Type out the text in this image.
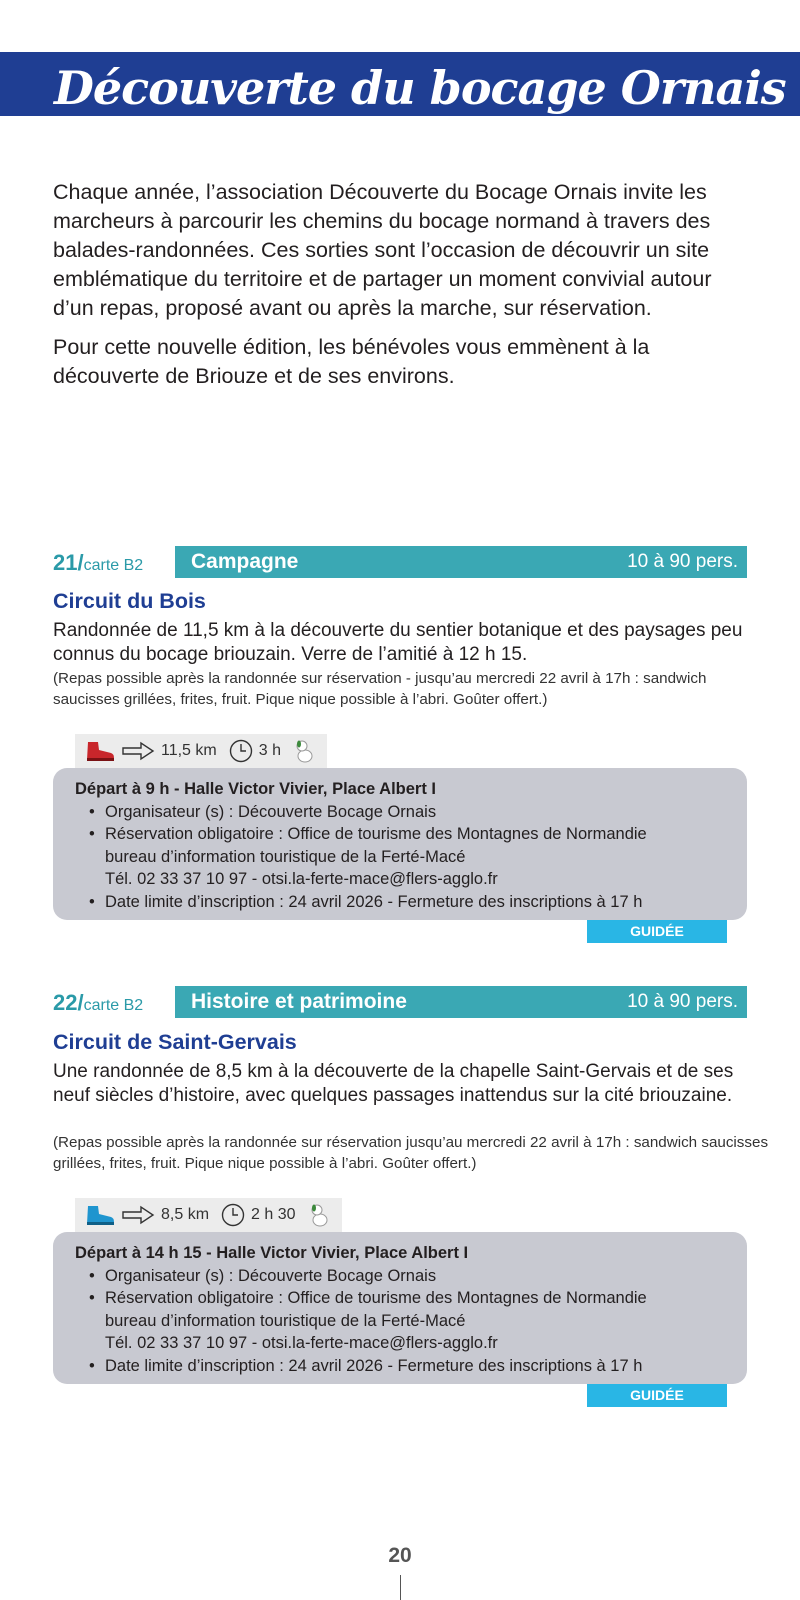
Découverte du bocage Ornais

Chaque année, l’association Découverte du Bocage Ornais invite les marcheurs à parcourir les chemins du bocage normand à travers des balades-randonnées. Ces sorties sont l’occasion de découvrir un site emblématique du territoire et de partager un moment convivial autour d’un repas, proposé avant ou après la marche, sur réservation.

Pour cette nouvelle édition, les bénévoles vous emmènent à la découverte de Briouze et de ses environs.

21/carte B2 Campagne	10 à 90 pers.
Circuit du Bois
Randonnée de 11,5 km à la découverte du sentier botanique et des paysages peu connus du bocage briouzain. Verre de l’amitié à 12 h 15.
(Repas possible après la randonnée sur réservation - jusqu’au mercredi 22 avril à 17h : sandwich saucisses grillées, frites, fruit. Pique nique possible à l’abri. Goûter offert.)
11,5 km	3 h
Départ à 9 h - Halle Victor Vivier, Place Albert I
• Organisateur (s) : Découverte Bocage Ornais
• Réservation obligatoire : Office de tourisme des Montagnes de Normandie
bureau d’information touristique de la Ferté-Macé
Tél. 02 33 37 10 97 - otsi.la-ferte-mace@flers-agglo.fr
• Date limite d’inscription : 24 avril 2026 - Fermeture des inscriptions à 17 h
GUIDÉE
22/carte B2 Histoire et patrimoine	10 à 90 pers.
Circuit de Saint-Gervais
Une randonnée de 8,5 km à la découverte de la chapelle Saint-Gervais et de ses neuf siècles d’histoire, avec quelques passages inattendus sur la cité briouzaine.
(Repas possible après la randonnée sur réservation jusqu’au mercredi 22 avril à 17h : sandwich saucisses grillées, frites, fruit. Pique nique possible à l’abri. Goûter offert.)
8,5 km	2 h 30
Départ à 14 h 15 - Halle Victor Vivier, Place Albert I
• Organisateur (s) : Découverte Bocage Ornais
• Réservation obligatoire : Office de tourisme des Montagnes de Normandie
bureau d’information touristique de la Ferté-Macé
Tél. 02 33 37 10 97 - otsi.la-ferte-mace@flers-agglo.fr
• Date limite d’inscription : 24 avril 2026 - Fermeture des inscriptions à 17 h
GUIDÉE
20
